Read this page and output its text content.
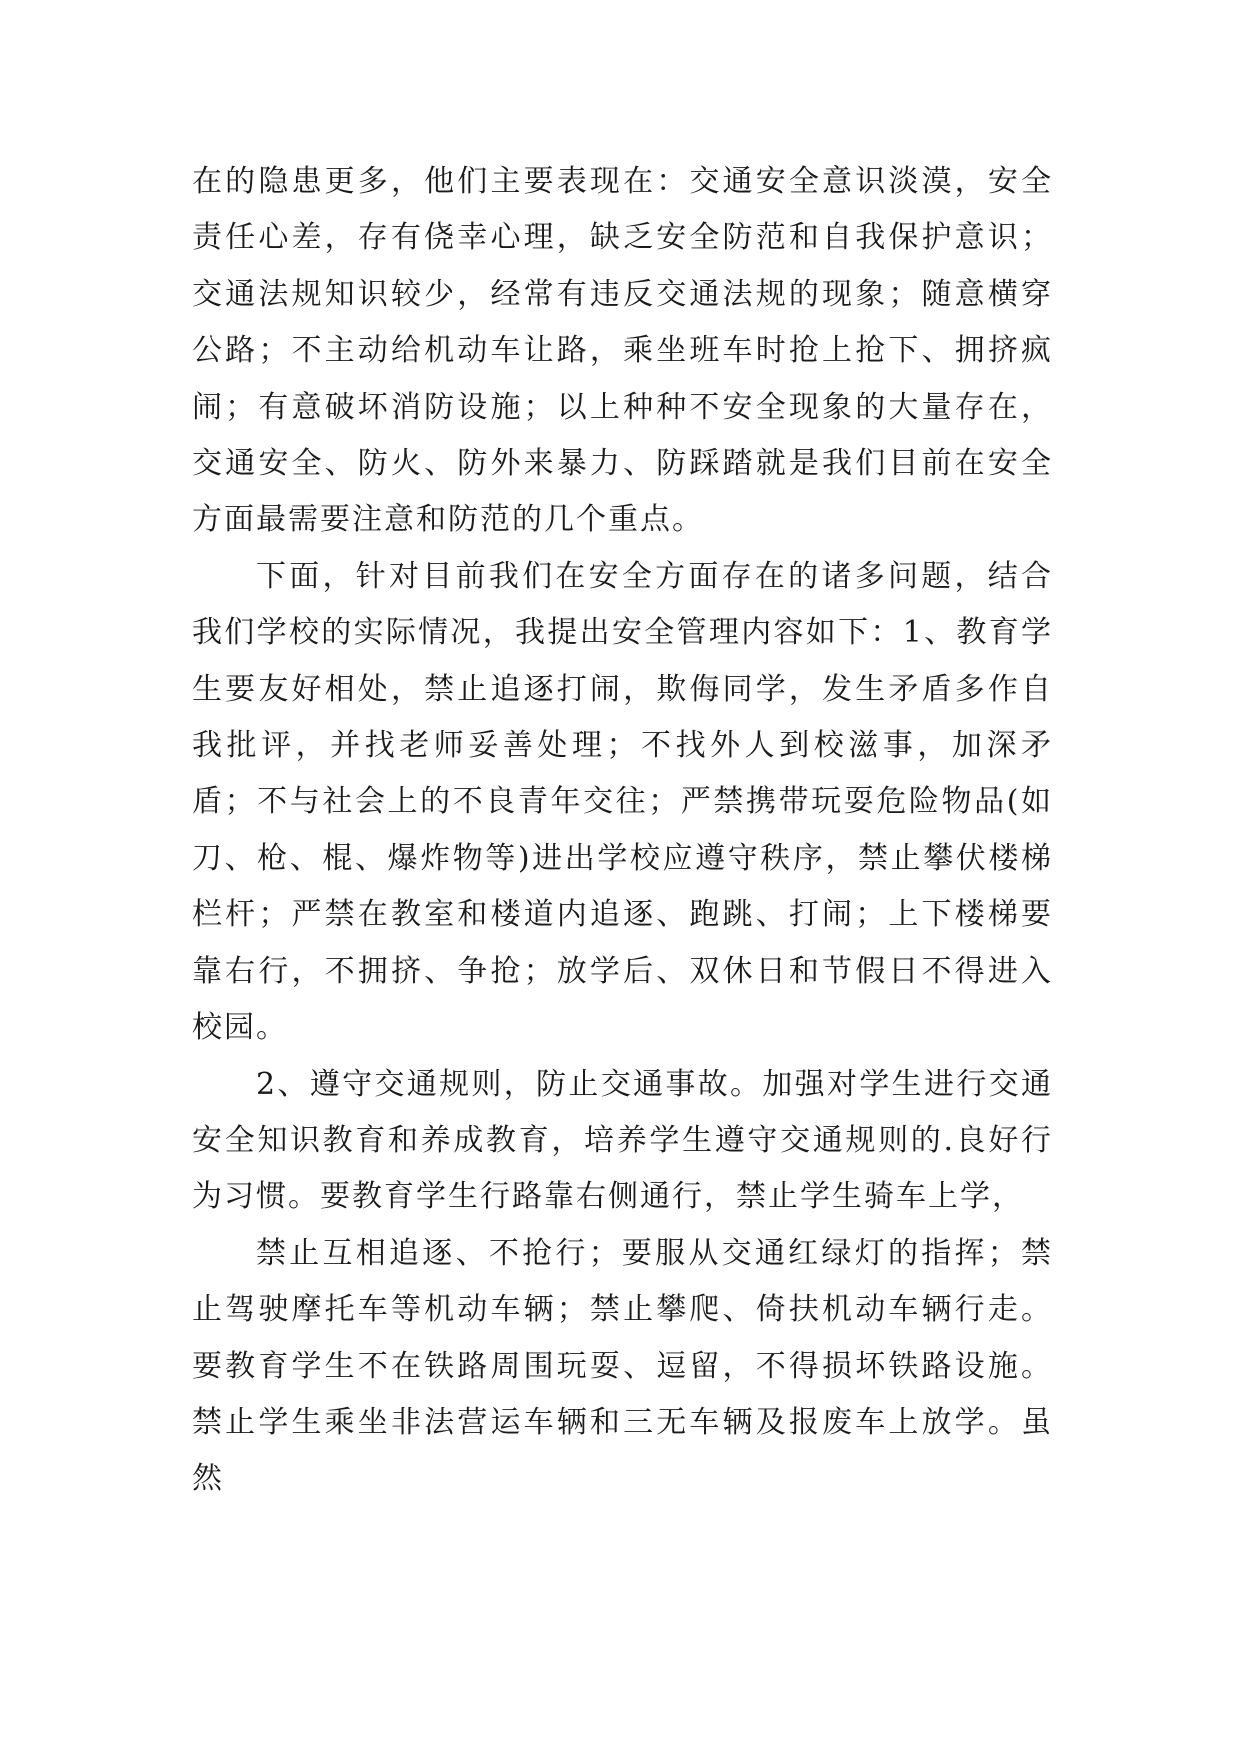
在的隐患更多，他们主要表现在：交通安全意识淡漠，安全责任心差，存有侥幸心理，缺乏安全防范和自我保护意识；交通法规知识较少，经常有违反交通法规的现象；随意横穿公路；不主动给机动车让路，乘坐班车时抢上抢下、拥挤疯闹；有意破坏消防设施；以上种种不安全现象的大量存在，交通安全、防火、防外来暴力、防踩踏就是我们目前在安全方面最需要注意和防范的几个重点。

下面，针对目前我们在安全方面存在的诸多问题，结合我们学校的实际情况，我提出安全管理内容如下：1、教育学生要友好相处，禁止追逐打闹，欺侮同学，发生矛盾多作自我批评，并找老师妥善处理；不找外人到校滋事，加深矛盾；不与社会上的不良青年交往；严禁携带玩耍危险物品(如刀、枪、棍、爆炸物等)进出学校应遵守秩序，禁止攀伏楼梯栏杆；严禁在教室和楼道内追逐、跑跳、打闹；上下楼梯要靠右行，不拥挤、争抢；放学后、双休日和节假日不得进入校园。

2、遵守交通规则，防止交通事故。加强对学生进行交通安全知识教育和养成教育，培养学生遵守交通规则的.良好行为习惯。要教育学生行路靠右侧通行，禁止学生骑车上学，

禁止互相追逐、不抢行；要服从交通红绿灯的指挥；禁止驾驶摩托车等机动车辆；禁止攀爬、倚扶机动车辆行走。要教育学生不在铁路周围玩耍、逗留，不得损坏铁路设施。禁止学生乘坐非法营运车辆和三无车辆及报废车上放学。虽然
